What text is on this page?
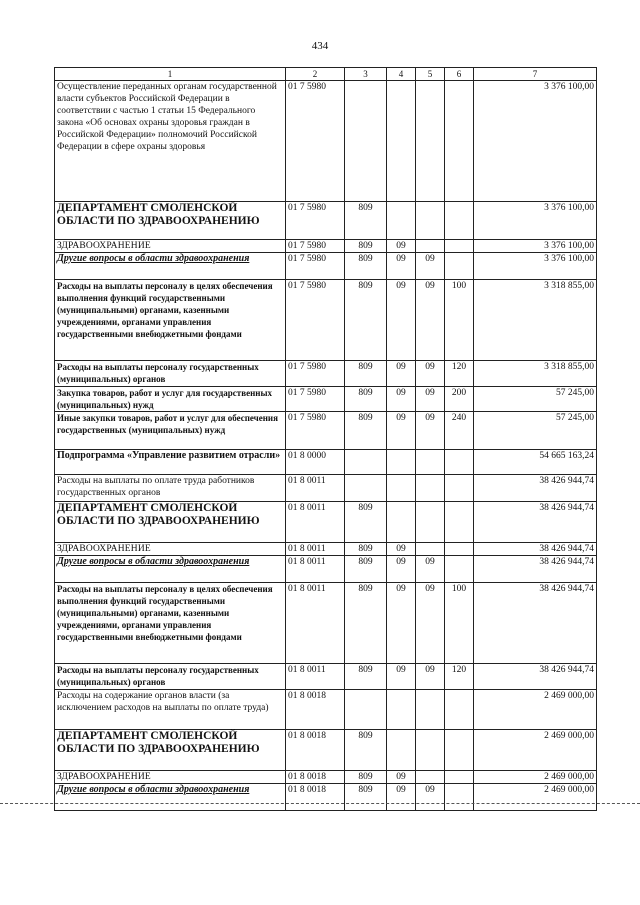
434
1	2	3	4	5	6	7
Осуществление переданных органам государственной власти субъектов Российской Федерации в соответствии с частью 1 статьи 15 Федерального закона «Об основах охраны здоровья граждан в Российской Федерации» полномочий Российской Федерации в сфере охраны здоровья	01 7 5980					3 376 100,00
ДЕПАРТАМЕНТ СМОЛЕНСКОЙ ОБЛАСТИ ПО ЗДРАВООХРАНЕНИЮ	01 7 5980	809				3 376 100,00
ЗДРАВООХРАНЕНИЕ	01 7 5980	809	09			3 376 100,00
Другие вопросы в области здравоохранения	01 7 5980	809	09	09		3 376 100,00
Расходы на выплаты персоналу в целях обеспечения выполнения функций государственными (муниципальными) органами, казенными учреждениями, органами управления государственными внебюджетными фондами	01 7 5980	809	09	09	100	3 318 855,00
Расходы на выплаты персоналу государственных (муниципальных) органов	01 7 5980	809	09	09	120	3 318 855,00
Закупка товаров, работ и услуг для государственных (муниципальных) нужд	01 7 5980	809	09	09	200	57 245,00
Иные закупки товаров, работ и услуг для обеспечения государственных (муниципальных) нужд	01 7 5980	809	09	09	240	57 245,00
Подпрограмма «Управление развитием отрасли»	01 8 0000					54 665 163,24
Расходы на выплаты по оплате труда работников государственных органов	01 8 0011					38 426 944,74
ДЕПАРТАМЕНТ СМОЛЕНСКОЙ ОБЛАСТИ ПО ЗДРАВООХРАНЕНИЮ	01 8 0011	809				38 426 944,74
ЗДРАВООХРАНЕНИЕ	01 8 0011	809	09			38 426 944,74
Другие вопросы в области здравоохранения	01 8 0011	809	09	09		38 426 944,74
Расходы на выплаты персоналу в целях обеспечения выполнения функций государственными (муниципальными) органами, казенными учреждениями, органами управления государственными внебюджетными фондами	01 8 0011	809	09	09	100	38 426 944,74
Расходы на выплаты персоналу государственных (муниципальных) органов	01 8 0011	809	09	09	120	38 426 944,74
Расходы на содержание органов власти (за исключением расходов на выплаты по оплате труда)	01 8 0018					2 469 000,00
ДЕПАРТАМЕНТ СМОЛЕНСКОЙ ОБЛАСТИ ПО ЗДРАВООХРАНЕНИЮ	01 8 0018	809				2 469 000,00
ЗДРАВООХРАНЕНИЕ	01 8 0018	809	09			2 469 000,00
Другие вопросы в области здравоохранения	01 8 0018	809	09	09		2 469 000,00
